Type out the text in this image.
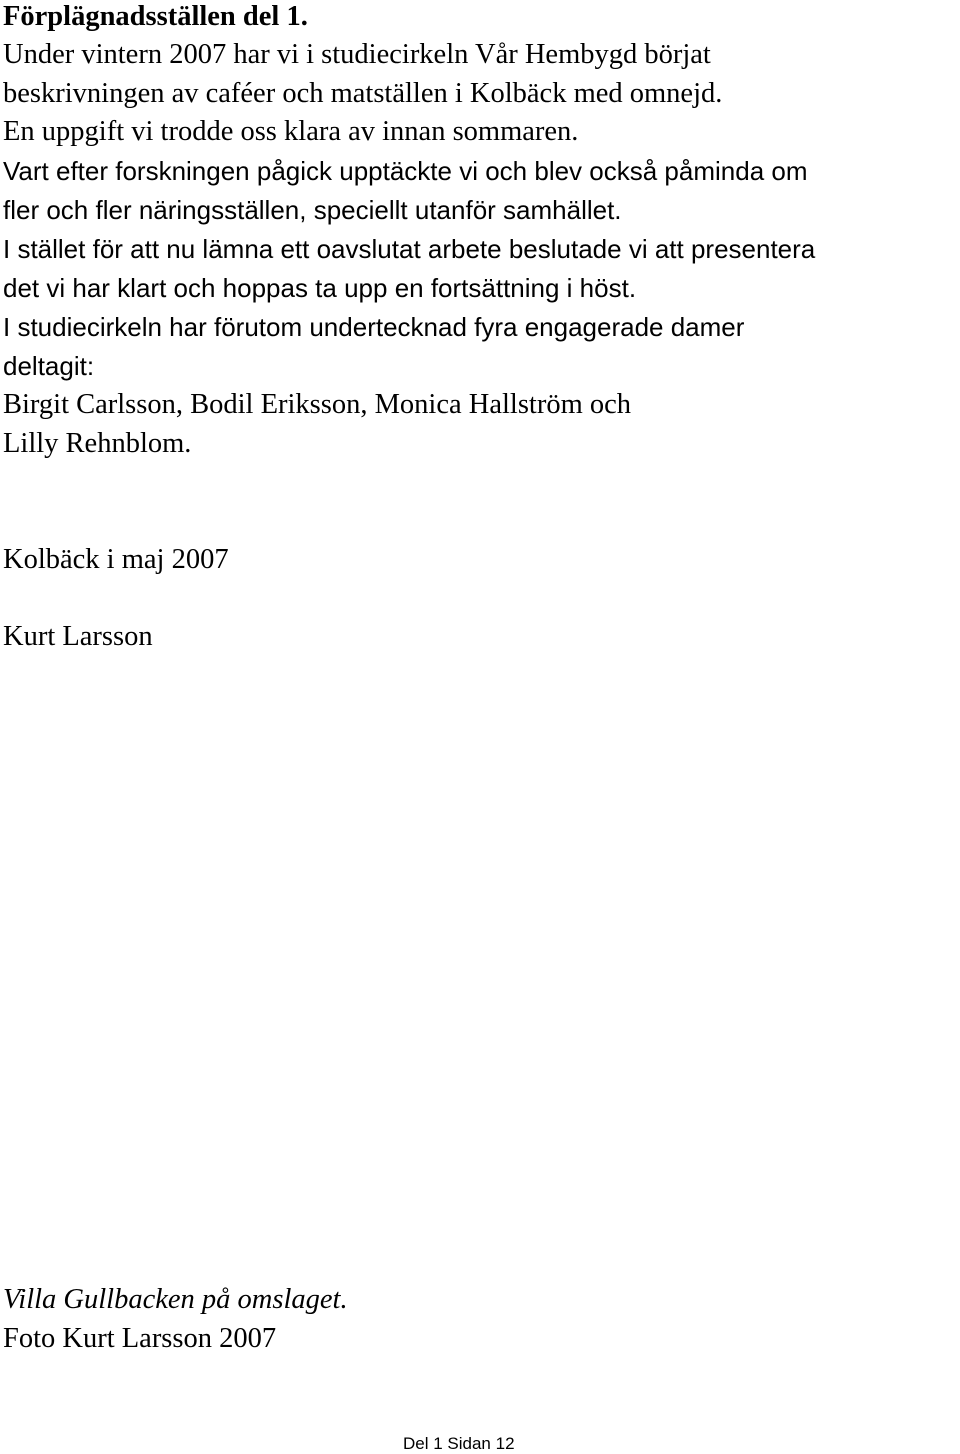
Förplägnadsställen del 1.
Under vintern 2007 har vi i studiecirkeln Vår Hembygd börjat
beskrivningen av caféer och matställen i Kolbäck med omnejd.
En uppgift vi trodde oss klara av innan sommaren.
Vart efter forskningen pågick upptäckte vi och blev också påminda om
fler och fler näringsställen, speciellt utanför samhället.
I stället för att nu lämna ett oavslutat arbete beslutade vi att presentera
det vi har klart och hoppas ta upp en fortsättning i höst.
I studiecirkeln har förutom undertecknad fyra engagerade damer
deltagit:
Birgit Carlsson, Bodil Eriksson, Monica Hallström och
Lilly Rehnblom.
Kolbäck i maj 2007
Kurt Larsson
Villa Gullbacken på omslaget.
Foto Kurt Larsson 2007
Del 1 Sidan 12
